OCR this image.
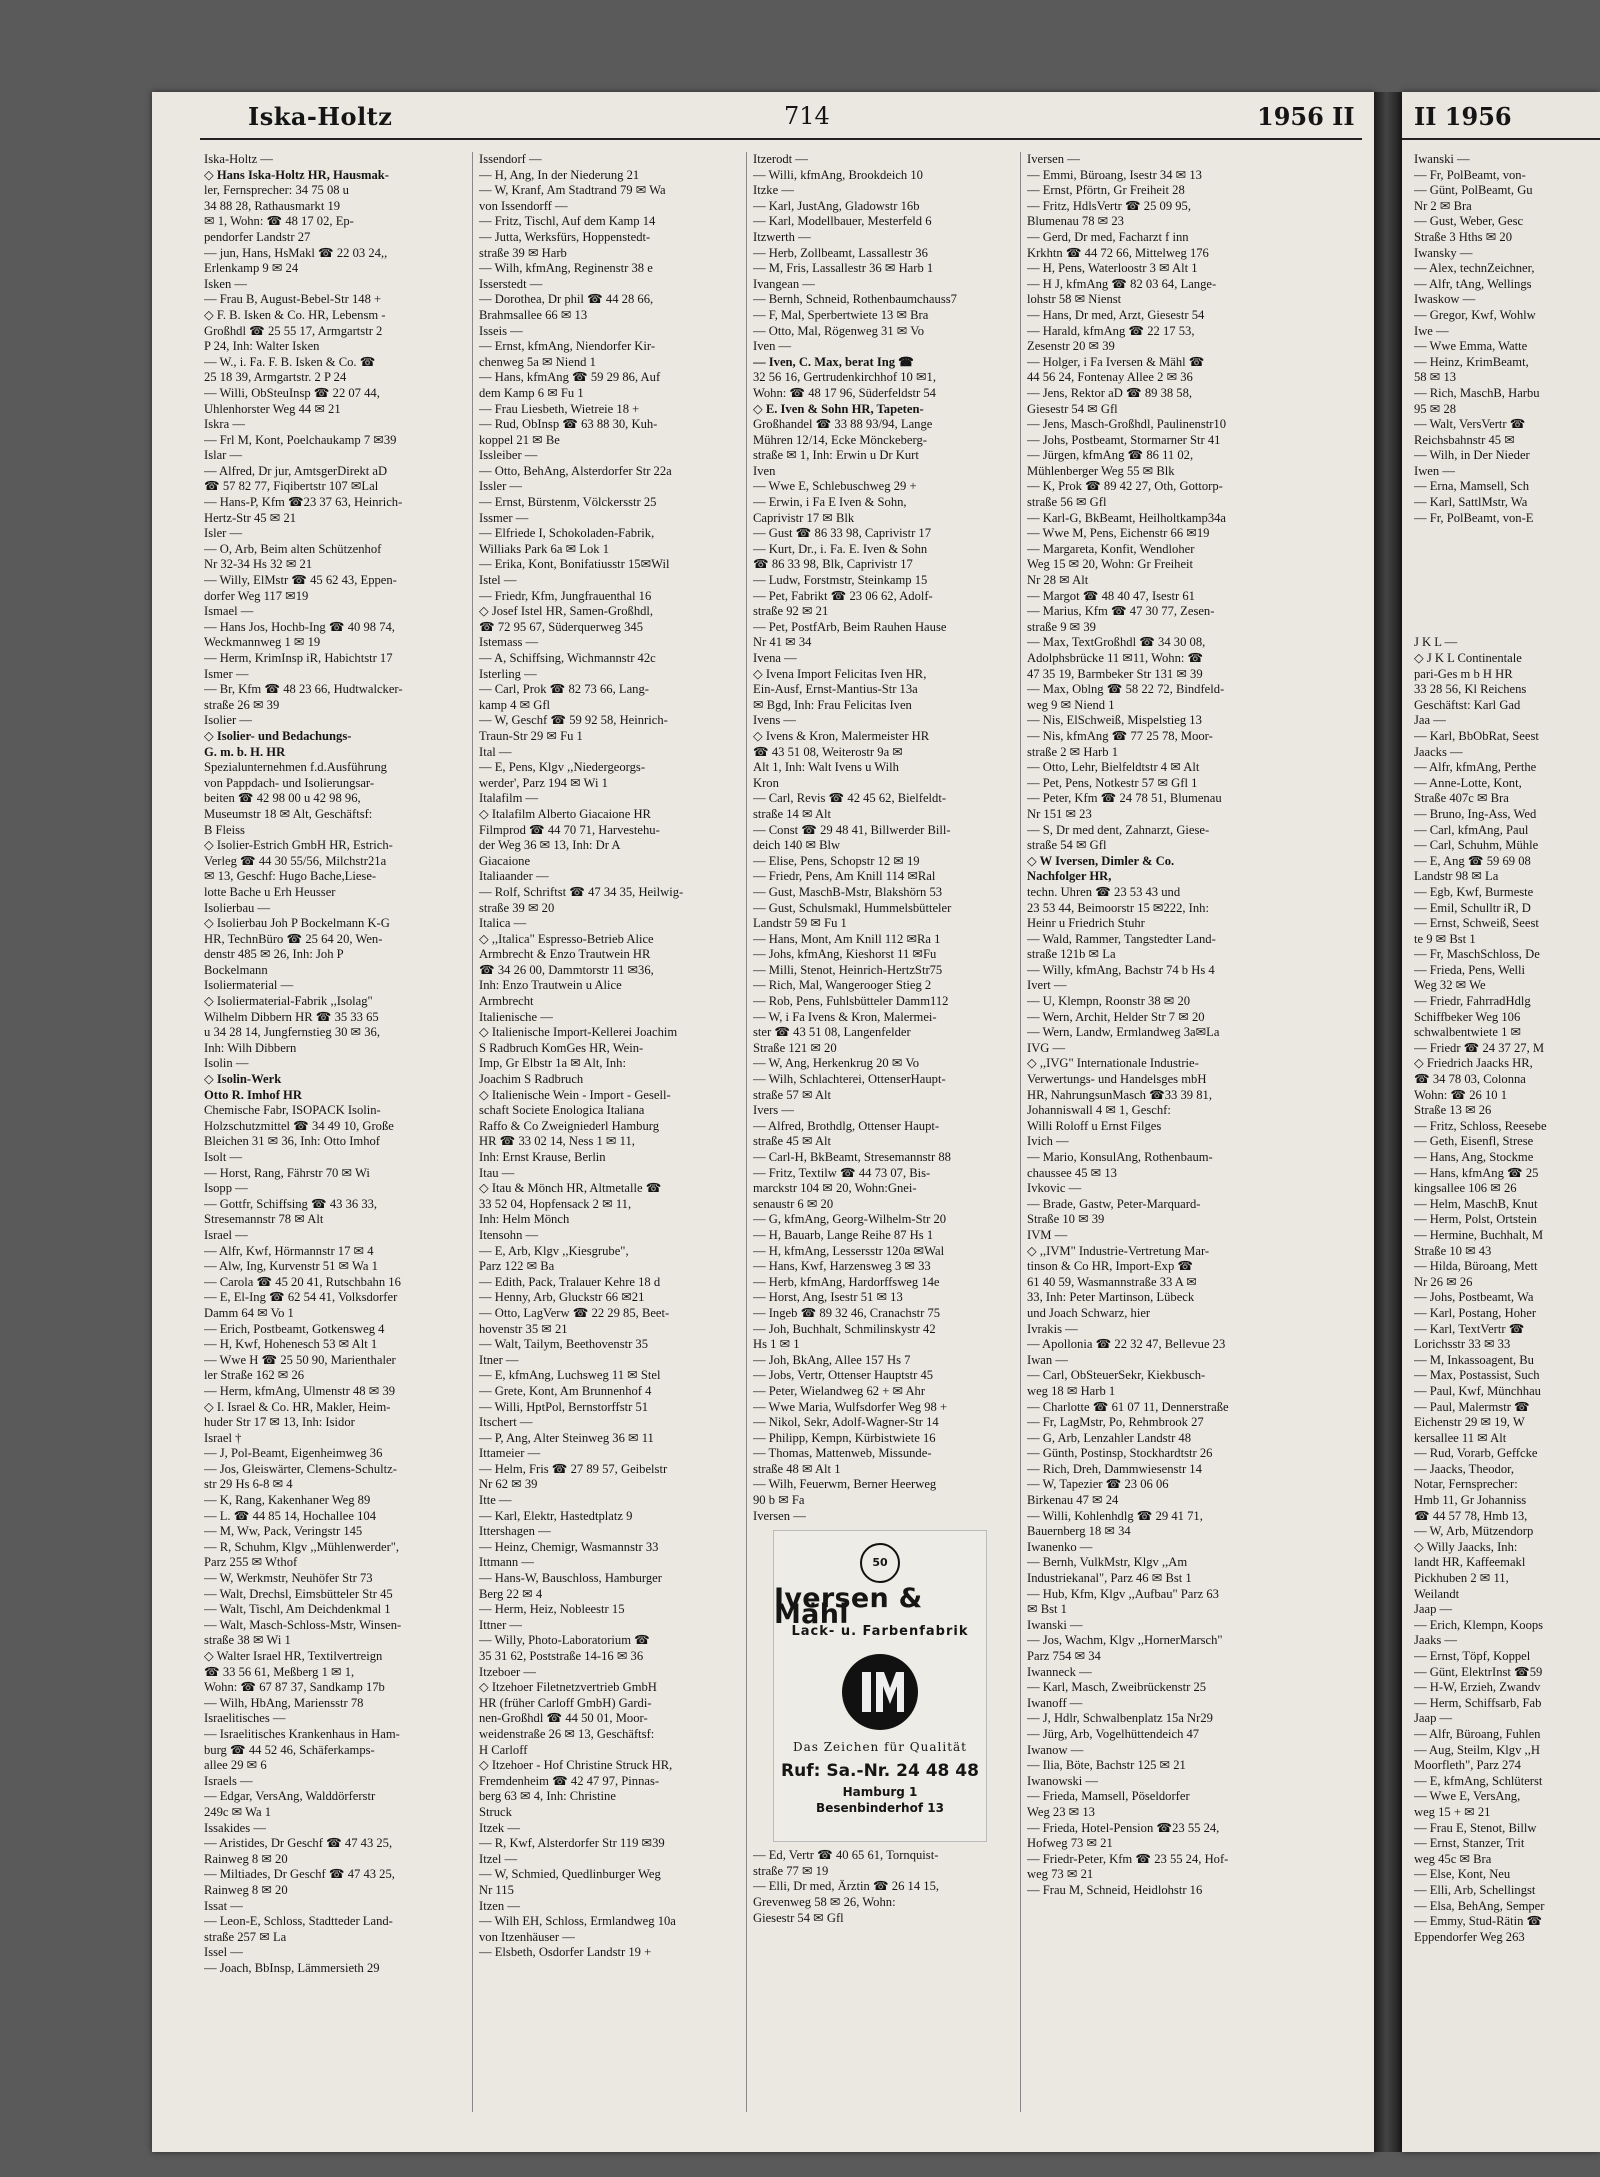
Iska-Holtz	714	1956 II
Iska-Holtz —
◇ Hans Iska-Holtz HR, Hausmak-
ler, Fernsprecher: 34 75 08 u
34 88 28, Rathausmarkt 19
✉ 1, Wohn: ☎ 48 17 02, Ep-
pendorfer Landstr 27
— jun, Hans, HsMakl ☎ 22 03 24,,
Erlenkamp 9 ✉ 24
Isken —
— Frau B, August-Bebel-Str 148 +
◇ F. B. Isken & Co. HR, Lebensm -
Großhdl ☎ 25 55 17, Armgartstr 2
P 24, Inh: Walter Isken
— W., i. Fa. F. B. Isken & Co. ☎
25 18 39, Armgartstr. 2 P 24
— Willi, ObSteuInsp ☎ 22 07 44,
Uhlenhorster Weg 44 ✉ 21
Iskra —
— Frl M, Kont, Poelchaukamp 7 ✉39
Islar —
— Alfred, Dr jur, AmtsgerDirekt aD
☎ 57 82 77, Fiqibertstr 107 ✉Lal
— Hans-P, Kfm ☎23 37 63, Heinrich-
Hertz-Str 45 ✉ 21
Isler —
— O, Arb, Beim alten Schützenhof
Nr 32-34 Hs 32 ✉ 21
— Willy, ElMstr ☎ 45 62 43, Eppen-
dorfer Weg 117 ✉19
Ismael —
— Hans Jos, Hochb-Ing ☎ 40 98 74,
Weckmannweg 1 ✉ 19
— Herm, KrimInsp iR, Habichtstr 17
Ismer —
— Br, Kfm ☎ 48 23 66, Hudtwalcker-
straße 26 ✉ 39
Isolier —
◇ Isolier- und Bedachungs-
G. m. b. H. HR
Spezialunternehmen f.d.Ausführung
von Pappdach- und Isolierungsar-
beiten ☎ 42 98 00 u 42 98 96,
Museumstr 18 ✉ Alt, Geschäftsf:
B Fleiss
◇ Isolier-Estrich GmbH HR, Estrich-
Verleg ☎ 44 30 55/56, Milchstr21a
✉ 13, Geschf: Hugo Bache,Liese-
lotte Bache u Erh Heusser
Isolierbau —
◇ Isolierbau Joh P Bockelmann K-G
HR, TechnBüro ☎ 25 64 20, Wen-
denstr 485 ✉ 26, Inh: Joh P
Bockelmann
Isoliermaterial —
◇ Isoliermaterial-Fabrik ,,Isolag"
Wilhelm Dibbern HR ☎ 35 33 65
u 34 28 14, Jungfernstieg 30 ✉ 36,
Inh: Wilh Dibbern
Isolin —
◇ Isolin-Werk
Otto R. Imhof HR
Chemische Fabr, ISOPACK Isolin-
Holzschutzmittel ☎ 34 49 10, Große
Bleichen 31 ✉ 36, Inh: Otto Imhof
Isolt —
— Horst, Rang, Fährstr 70 ✉ Wi
Isopp —
— Gottfr, Schiffsing ☎ 43 36 33,
Stresemannstr 78 ✉ Alt
Israel —
— Alfr, Kwf, Hörmannstr 17 ✉ 4
— Alw, Ing, Kurvenstr 51 ✉ Wa 1
— Carola ☎ 45 20 41, Rutschbahn 16
— E, El-Ing ☎ 62 54 41, Volksdorfer
Damm 64 ✉ Vo 1
— Erich, Postbeamt, Gotkensweg 4
— H, Kwf, Hohenesch 53 ✉ Alt 1
— Wwe H ☎ 25 50 90, Marienthaler
ler Straße 162 ✉ 26
— Herm, kfmAng, Ulmenstr 48 ✉ 39
◇ I. Israel & Co. HR, Makler, Heim-
huder Str 17 ✉ 13, Inh: Isidor
Israel †
— J, Pol-Beamt, Eigenheimweg 36
— Jos, Gleiswärter, Clemens-Schultz-
str 29 Hs 6-8 ✉ 4
— K, Rang, Kakenhaner Weg 89
— L. ☎ 44 85 14, Hochallee 104
— M, Ww, Pack, Veringstr 145
— R, Schuhm, Klgv ,,Mühlenwerder",
Parz 255 ✉ Wthof
— W, Werkmstr, Neuhöfer Str 73
— Walt, Drechsl, Eimsbütteler Str 45
— Walt, Tischl, Am Deichdenkmal 1
— Walt, Masch-Schloss-Mstr, Winsen-
straße 38 ✉ Wi 1
◇ Walter Israel HR, Textilvertreign
☎ 33 56 61, Meßberg 1 ✉ 1,
Wohn: ☎ 67 87 37, Sandkamp 17b
— Wilh, HbAng, Mariensstr 78
Israelitisches —
— Israelitisches Krankenhaus in Ham-
burg ☎ 44 52 46, Schäferkamps-
allee 29 ✉ 6
Israels —
— Edgar, VersAng, Walddörferstr
249c ✉ Wa 1
Issakides —
— Aristides, Dr Geschf ☎ 47 43 25,
Rainweg 8 ✉ 20
— Miltiades, Dr Geschf ☎ 47 43 25,
Rainweg 8 ✉ 20
Issat —
— Leon-E, Schloss, Stadtteder Land-
straße 257 ✉ La
Issel —
— Joach, BbInsp, Lämmersieth 29
Issendorf —
— H, Ang, In der Niederung 21
— W, Kranf, Am Stadtrand 79 ✉ Wa
von Issendorff —
— Fritz, Tischl, Auf dem Kamp 14
— Jutta, Werksfürs, Hoppenstedt-
straße 39 ✉ Harb
— Wilh, kfmAng, Reginenstr 38 e
Isserstedt —
— Dorothea, Dr phil ☎ 44 28 66,
Brahmsallee 66 ✉ 13
Isseis —
— Ernst, kfmAng, Niendorfer Kir-
chenweg 5a ✉ Niend 1
— Hans, kfmAng ☎ 59 29 86, Auf
dem Kamp 6 ✉ Fu 1
— Frau Liesbeth, Wietreie 18 +
— Rud, ObInsp ☎ 63 88 30, Kuh-
koppel 21 ✉ Be
Issleiber —
— Otto, BehAng, Alsterdorfer Str 22a
Issler —
— Ernst, Bürstenm, Völckersstr 25
Issmer —
— Elfriede I, Schokoladen-Fabrik,
Williaks Park 6a ✉ Lok 1
— Erika, Kont, Bonifatiusstr 15✉Wil
Istel —
— Friedr, Kfm, Jungfrauenthal 16
◇ Josef Istel HR, Samen-Großhdl,
☎ 72 95 67, Süderquerweg 345
Istemass —
— A, Schiffsing, Wichmannstr 42c
Isterling —
— Carl, Prok ☎ 82 73 66, Lang-
kamp 4 ✉ Gfl
— W, Geschf ☎ 59 92 58, Heinrich-
Traun-Str 29 ✉ Fu 1
Ital —
— E, Pens, Klgv ,,Niedergeorgs-
werder', Parz 194 ✉ Wi 1
Italafilm —
◇ Italafilm Alberto Giacaione HR
Filmprod ☎ 44 70 71, Harvestehu-
der Weg 36 ✉ 13, Inh: Dr A
Giacaione
Italiaander —
— Rolf, Schriftst ☎ 47 34 35, Heilwig-
straße 39 ✉ 20
Italica —
◇ ,,Italica" Espresso-Betrieb Alice
Armbrecht & Enzo Trautwein HR
☎ 34 26 00, Dammtorstr 11 ✉36,
Inh: Enzo Trautwein u Alice
Armbrecht
Italienische —
◇ Italienische Import-Kellerei Joachim
S Radbruch KomGes HR, Wein-
Imp, Gr Elbstr 1a ✉ Alt, Inh:
Joachim S Radbruch
◇ Italienische Wein - Import - Gesell-
schaft Societe Enologica Italiana
Raffo & Co Zweigniederl Hamburg
HR ☎ 33 02 14, Ness 1 ✉ 11,
Inh: Ernst Krause, Berlin
Itau —
◇ Itau & Mönch HR, Altmetalle ☎
33 52 04, Hopfensack 2 ✉ 11,
Inh: Helm Mönch
Itensohn —
— E, Arb, Klgv ,,Kiesgrube",
Parz 122 ✉ Ba
— Edith, Pack, Tralauer Kehre 18 d
— Henny, Arb, Gluckstr 66 ✉21
— Otto, LagVerw ☎ 22 29 85, Beet-
hovenstr 35 ✉ 21
— Walt, Tailym, Beethovenstr 35
Itner —
— E, kfmAng, Luchsweg 11 ✉ Stel
— Grete, Kont, Am Brunnenhof 4
— Willi, HptPol, Bernstorffstr 51
Itschert —
— P, Ang, Alter Steinweg 36 ✉ 11
Ittameier —
— Helm, Fris ☎ 27 89 57, Geibelstr
Nr 62 ✉ 39
Itte —
— Karl, Elektr, Hastedtplatz 9
Ittershagen —
— Heinz, Chemigr, Wasmannstr 33
Ittmann —
— Hans-W, Bauschloss, Hamburger
Berg 22 ✉ 4
— Herm, Heiz, Nobleestr 15
Ittner —
— Willy, Photo-Laboratorium ☎
35 31 62, Poststraße 14-16 ✉ 36
Itzeboer —
◇ Itzehoer Filetnetzvertrieb GmbH
HR (früher Carloff GmbH) Gardi-
nen-Großhdl ☎ 44 50 01, Moor-
weidenstraße 26 ✉ 13, Geschäftsf:
H Carloff
◇ Itzehoer - Hof Christine Struck HR,
Fremdenheim ☎ 42 47 97, Pinnas-
berg 63 ✉ 4, Inh: Christine
Struck
Itzek —
— R, Kwf, Alsterdorfer Str 119 ✉39
Itzel —
— W, Schmied, Quedlinburger Weg
Nr 115
Itzen —
— Wilh EH, Schloss, Ermlandweg 10a
von Itzenhäuser —
— Elsbeth, Osdorfer Landstr 19 +
Itzerodt —
— Willi, kfmAng, Brookdeich 10
Itzke —
— Karl, JustAng, Gladowstr 16b
— Karl, Modellbauer, Mesterfeld 6
Itzwerth —
— Herb, Zollbeamt, Lassallestr 36
— M, Fris, Lassallestr 36 ✉ Harb 1
Ivangean —
— Bernh, Schneid, Rothenbaumchauss7
— F, Mal, Sperbertwiete 13 ✉ Bra
— Otto, Mal, Rögenweg 31 ✉ Vo
Iven —
— Iven, C. Max, berat Ing ☎
32 56 16, Gertrudenkirchhof 10 ✉1,
Wohn: ☎ 48 17 96, Süderfeldstr 54
◇ E. Iven & Sohn HR, Tapeten-
Großhandel ☎ 33 88 93/94, Lange
Mühren 12/14, Ecke Mönckeberg-
straße ✉ 1, Inh: Erwin u Dr Kurt
Iven
— Wwe E, Schlebuschweg 29 +
— Erwin, i Fa E Iven & Sohn,
Caprivistr 17 ✉ Blk
— Gust ☎ 86 33 98, Caprivistr 17
— Kurt, Dr., i. Fa. E. Iven & Sohn
☎ 86 33 98, Blk, Caprivistr 17
— Ludw, Forstmstr, Steinkamp 15
— Pet, Fabrikt ☎ 23 06 62, Adolf-
straße 92 ✉ 21
— Pet, PostfArb, Beim Rauhen Hause
Nr 41 ✉ 34
Ivena —
◇ Ivena Import Felicitas Iven HR,
Ein-Ausf, Ernst-Mantius-Str 13a
✉ Bgd, Inh: Frau Felicitas Iven
Ivens —
◇ Ivens & Kron, Malermeister HR
☎ 43 51 08, Weiterostr 9a ✉
Alt 1, Inh: Walt Ivens u Wilh
Kron
— Carl, Revis ☎ 42 45 62, Bielfeldt-
straße 14 ✉ Alt
— Const ☎ 29 48 41, Billwerder Bill-
deich 140 ✉ Blw
— Elise, Pens, Schopstr 12 ✉ 19
— Friedr, Pens, Am Knill 114 ✉Ral
— Gust, MaschB-Mstr, Blakshörn 53
— Gust, Schulsmakl, Hummelsbütteler
Landstr 59 ✉ Fu 1
— Hans, Mont, Am Knill 112 ✉Ra 1
— Johs, kfmAng, Kieshorst 11 ✉Fu
— Milli, Stenot, Heinrich-HertzStr75
— Rich, Mal, Wangerooger Stieg 2
— Rob, Pens, Fuhlsbütteler Damm112
— W, i Fa Ivens & Kron, Malermei-
ster ☎ 43 51 08, Langenfelder
Straße 121 ✉ 20
— W, Ang, Herkenkrug 20 ✉ Vo
— Wilh, Schlachterei, OttenserHaupt-
straße 57 ✉ Alt
Ivers —
— Alfred, Brothdlg, Ottenser Haupt-
straße 45 ✉ Alt
— Carl-H, BkBeamt, Stresemannstr 88
— Fritz, Textilw ☎ 44 73 07, Bis-
marckstr 104 ✉ 20, Wohn:Gnei-
senaustr 6 ✉ 20
— G, kfmAng, Georg-Wilhelm-Str 20
— H, Bauarb, Lange Reihe 87 Hs 1
— H, kfmAng, Lessersstr 120a ✉Wal
— Hans, Kwf, Harzensweg 3 ✉ 33
— Herb, kfmAng, Hardorffsweg 14e
— Horst, Ang, Isestr 51 ✉ 13
— Ingeb ☎ 89 32 46, Cranachstr 75
— Joh, Buchhalt, Schmilinskystr 42
Hs 1 ✉ 1
— Joh, BkAng, Allee 157 Hs 7
— Jobs, Vertr, Ottenser Hauptstr 45
— Peter, Wielandweg 62 + ✉ Ahr
— Wwe Maria, Wulfsdorfer Weg 98 +
— Nikol, Sekr, Adolf-Wagner-Str 14
— Philipp, Kempn, Kürbistwiete 16
— Thomas, Mattenweb, Missunde-
straße 48 ✉ Alt 1
— Wilh, Feuerwm, Berner Heerweg
90 b ✉ Fa
Iversen —
50
Iversen & Mähl
Lack- u. Farbenfabrik
Das Zeichen für Qualität
Ruf: Sa.-Nr. 24 48 48
Hamburg 1
Besenbinderhof 13
— Ed, Vertr ☎ 40 65 61, Tornquist-
straße 77 ✉ 19
— Elli, Dr med, Ärztin ☎ 26 14 15,
Grevenweg 58 ✉ 26, Wohn:
Giesestr 54 ✉ Gfl
Iversen —
— Emmi, Büroang, Isestr 34 ✉ 13
— Ernst, Pförtn, Gr Freiheit 28
— Fritz, HdlsVertr ☎ 25 09 95,
Blumenau 78 ✉ 23
— Gerd, Dr med, Facharzt f inn
Krkhtn ☎ 44 72 66, Mittelweg 176
— H, Pens, Waterloostr 3 ✉ Alt 1
— H J, kfmAng ☎ 82 03 64, Lange-
lohstr 58 ✉ Nienst
— Hans, Dr med, Arzt, Giesestr 54
— Harald, kfmAng ☎ 22 17 53,
Zesenstr 20 ✉ 39
— Holger, i Fa Iversen & Mähl ☎
44 56 24, Fontenay Allee 2 ✉ 36
— Jens, Rektor aD ☎ 89 38 58,
Giesestr 54 ✉ Gfl
— Jens, Masch-Großhdl, Paulinenstr10
— Johs, Postbeamt, Stormarner Str 41
— Jürgen, kfmAng ☎ 86 11 02,
Mühlenberger Weg 55 ✉ Blk
— K, Prok ☎ 89 42 27, Oth, Gottorp-
straße 56 ✉ Gfl
— Karl-G, BkBeamt, Heilholtkamp34a
— Wwe M, Pens, Eichenstr 66 ✉19
— Margareta, Konfit, Wendloher
Weg 15 ✉ 20, Wohn: Gr Freiheit
Nr 28 ✉ Alt
— Margot ☎ 48 40 47, Isestr 61
— Marius, Kfm ☎ 47 30 77, Zesen-
straße 9 ✉ 39
— Max, TextGroßhdl ☎ 34 30 08,
Adolphsbrücke 11 ✉11, Wohn: ☎
47 35 19, Barmbeker Str 131 ✉ 39
— Max, Oblng ☎ 58 22 72, Bindfeld-
weg 9 ✉ Niend 1
— Nis, ElSchweiß, Mispelstieg 13
— Nis, kfmAng ☎ 77 25 78, Moor-
straße 2 ✉ Harb 1
— Otto, Lehr, Bielfeldtstr 4 ✉ Alt
— Pet, Pens, Notkestr 57 ✉ Gfl 1
— Peter, Kfm ☎ 24 78 51, Blumenau
Nr 151 ✉ 23
— S, Dr med dent, Zahnarzt, Giese-
straße 54 ✉ Gfl
◇ W Iversen, Dimler & Co.
Nachfolger HR,
techn. Uhren ☎ 23 53 43 und
23 53 44, Beimoorstr 15 ✉222, Inh:
Heinr u Friedrich Stuhr
— Wald, Rammer, Tangstedter Land-
straße 121b ✉ La
— Willy, kfmAng, Bachstr 74 b Hs 4
Ivert —
— U, Klempn, Roonstr 38 ✉ 20
— Wern, Archit, Helder Str 7 ✉ 20
— Wern, Landw, Ermlandweg 3a✉La
IVG —
◇ ,,IVG" Internationale Industrie-
Verwertungs- und Handelsges mbH
HR, NahrungsunMasch ☎33 39 81,
Johanniswall 4 ✉ 1, Geschf:
Willi Roloff u Ernst Filges
Ivich —
— Mario, KonsulAng, Rothenbaum-
chaussee 45 ✉ 13
Ivkovic —
— Brade, Gastw, Peter-Marquard-
Straße 10 ✉ 39
IVM —
◇ ,,IVM" Industrie-Vertretung Mar-
tinson & Co HR, Import-Exp ☎
61 40 59, Wasmannstraße 33 A ✉
33, Inh: Peter Martinson, Lübeck
und Joach Schwarz, hier
Ivrakis —
— Apollonia ☎ 22 32 47, Bellevue 23
Iwan —
— Carl, ObSteuerSekr, Kiekbusch-
weg 18 ✉ Harb 1
— Charlotte ☎ 61 07 11, Dennerstraße
— Fr, LagMstr, Po, Rehmbrook 27
— G, Arb, Lenzahler Landstr 48
— Günth, Postinsp, Stockhardtstr 26
— Rich, Dreh, Dammwiesenstr 14
— W, Tapezier ☎ 23 06 06
Birkenau 47 ✉ 24
— Willi, Kohlenhdlg ☎ 29 41 71,
Bauernberg 18 ✉ 34
Iwanenko —
— Bernh, VulkMstr, Klgv ,,Am
Industriekanal", Parz 46 ✉ Bst 1
— Hub, Kfm, Klgv ,,Aufbau" Parz 63
✉ Bst 1
Iwanski —
— Jos, Wachm, Klgv ,,HornerMarsch"
Parz 754 ✉ 34
Iwanneck —
— Karl, Masch, Zweibrückenstr 25
Iwanoff —
— J, Hdlr, Schwalbenplatz 15a Nr29
— Jürg, Arb, Vogelhüttendeich 47
Iwanow —
— Ilia, Böte, Bachstr 125 ✉ 21
Iwanowski —
— Frieda, Mamsell, Pöseldorfer
Weg 23 ✉ 13
— Frieda, Hotel-Pension ☎23 55 24,
Hofweg 73 ✉ 21
— Friedr-Peter, Kfm ☎ 23 55 24, Hof-
weg 73 ✉ 21
— Frau M, Schneid, Heidlohstr 16
II 1956
Iwanski —
— Fr, PolBeamt, von-
— Günt, PolBeamt, Gu
Nr 2 ✉ Bra
— Gust, Weber, Gesc
Straße 3 Hths ✉ 20
Iwansky —
— Alex, technZeichner,
— Alfr, tAng, Wellings
Iwaskow —
— Gregor, Kwf, Wohlw
Iwe —
— Wwe Emma, Watte
— Heinz, KrimBeamt,
58 ✉ 13
— Rich, MaschB, Harbu
95 ✉ 28
— Walt, VersVertr ☎
Reichsbahnstr 45 ✉
— Wilh, in Der Nieder
Iwen —
— Erna, Mamsell, Sch
— Karl, SattlMstr, Wa
— Fr, PolBeamt, von-E

J K L —
◇ J K L Continentale
pari-Ges m b H HR
33 28 56, Kl Reichens
Geschäftst: Karl Gad
Jaa —
— Karl, BbObRat, Seest
Jaacks —
— Alfr, kfmAng, Perthe
— Anne-Lotte, Kont,
Straße 407c ✉ Bra
— Bruno, Ing-Ass, Wed
— Carl, kfmAng, Paul
— Carl, Schuhm, Mühle
— E, Ang ☎ 59 69 08
Landstr 98 ✉ La
— Egb, Kwf, Burmeste
— Emil, Schulltr iR, D
— Ernst, Schweiß, Seest
te 9 ✉ Bst 1
— Fr, MaschSchloss, De
— Frieda, Pens, Welli
Weg 32 ✉ We
— Friedr, FahrradHdlg
Schiffbeker Weg 106
schwalbentwiete 1 ✉
— Friedr ☎ 24 37 27, M
◇ Friedrich Jaacks HR,
☎ 34 78 03, Colonna
Wohn: ☎ 26 10 1
Straße 13 ✉ 26
— Fritz, Schloss, Reesebe
— Geth, Eisenfl, Strese
— Hans, Ang, Stockme
— Hans, kfmAng ☎ 25
kingsallee 106 ✉ 26
— Helm, MaschB, Knut
— Herm, Polst, Ortstein
— Hermine, Buchhalt, M
Straße 10 ✉ 43
— Hilda, Büroang, Mett
Nr 26 ✉ 26
— Johs, Postbeamt, Wa
— Karl, Postang, Hoher
— Karl, TextVertr ☎
Lorichsstr 33 ✉ 33
— M, Inkassoagent, Bu
— Max, Postassist, Such
— Paul, Kwf, Münchhau
— Paul, Malermstr ☎
Eichenstr 29 ✉ 19, W
kersallee 11 ✉ Alt
— Rud, Vorarb, Geffcke
— Jaacks, Theodor,
Notar, Fernsprecher:
Hmb 11, Gr Johanniss
☎ 44 57 78, Hmb 13,
— W, Arb, Mützendorp
◇ Willy Jaacks, Inh:
landt HR, Kaffeemakl
Pickhuben 2 ✉ 11,
Weilandt
Jaap —
— Erich, Klempn, Koops
Jaaks —
— Ernst, Töpf, Koppel
— Günt, ElektrInst ☎59
— H-W, Erzieh, Zwandv
— Herm, Schiffsarb, Fab
Jaap —
— Alfr, Büroang, Fuhlen
— Aug, Steilm, Klgv ,,H
Moorfleth", Parz 274
— E, kfmAng, Schlüterst
— Wwe E, VersAng,
weg 15 + ✉ 21
— Frau E, Stenot, Billw
— Ernst, Stanzer, Trit
weg 45c ✉ Bra
— Else, Kont, Neu
— Elli, Arb, Schellingst
— Elsa, BehAng, Semper
— Emmy, Stud-Rätin ☎
Eppendorfer Weg 263
